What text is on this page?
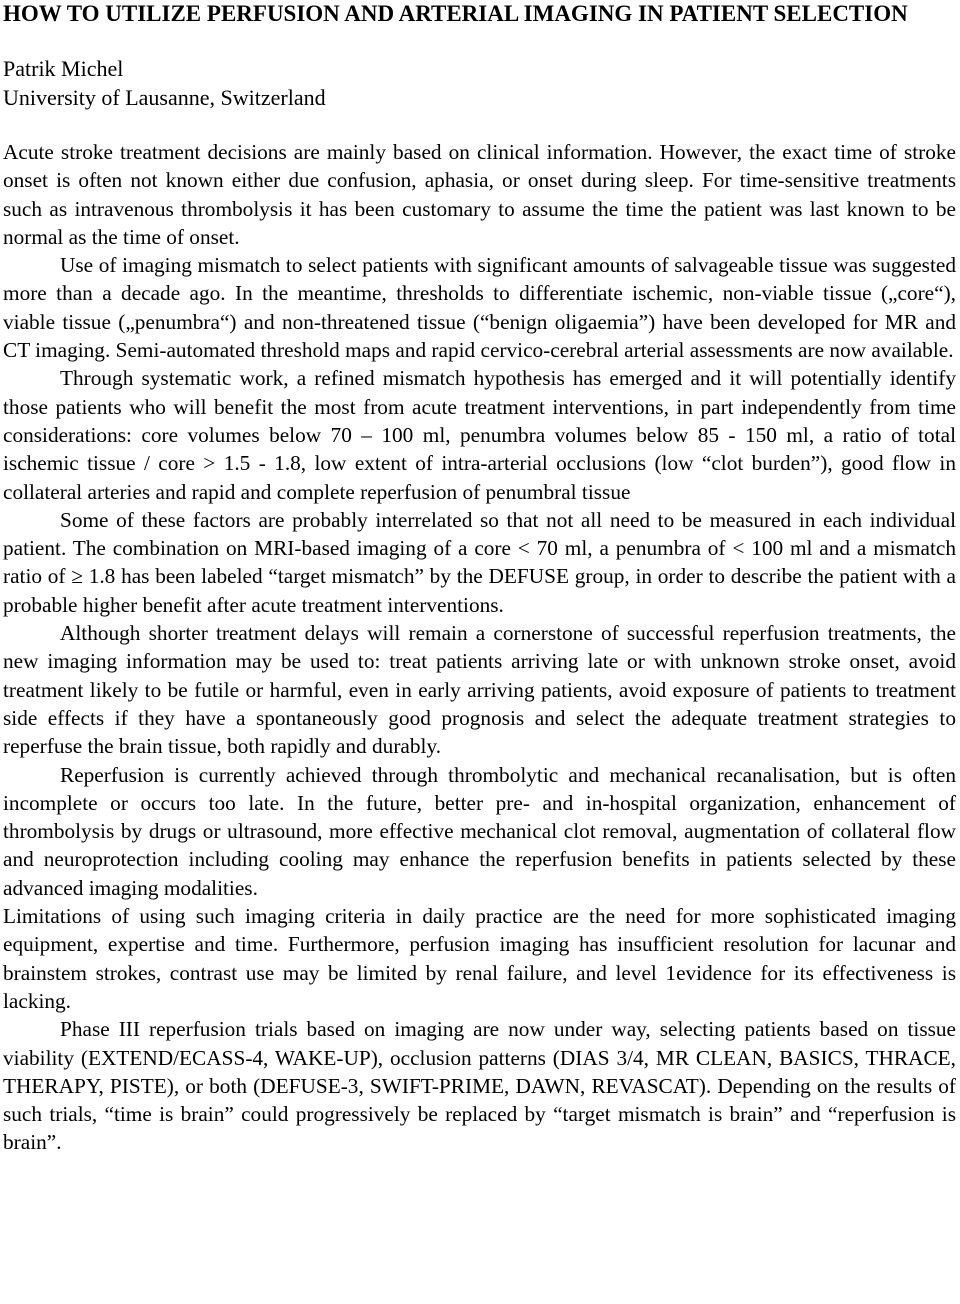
HOW TO UTILIZE PERFUSION AND ARTERIAL IMAGING IN PATIENT SELECTION
Patrik Michel
University of Lausanne, Switzerland

Acute stroke treatment decisions are mainly based on clinical information. However, the exact time of stroke onset is often not known either due confusion, aphasia, or onset during sleep. For time-sensitive treatments such as intravenous thrombolysis it has been customary to assume the time the patient was last known to be normal as the time of onset.

Use of imaging mismatch to select patients with significant amounts of salvageable tissue was suggested more than a decade ago. In the meantime, thresholds to differentiate ischemic, non-viable tissue („core“), viable tissue („penumbra“) and non-threatened tissue (“benign oligaemia”) have been developed for MR and CT imaging. Semi-automated threshold maps and rapid cervico-cerebral arterial assessments are now available.

Through systematic work, a refined mismatch hypothesis has emerged and it will potentially identify those patients who will benefit the most from acute treatment interventions, in part independently from time considerations: core volumes below 70 – 100 ml, penumbra volumes below 85 - 150 ml, a ratio of total ischemic tissue / core > 1.5 - 1.8, low extent of intra-arterial occlusions (low “clot burden”), good flow in collateral arteries and rapid and complete reperfusion of penumbral tissue

Some of these factors are probably interrelated so that not all need to be measured in each individual patient. The combination on MRI-based imaging of a core < 70 ml, a penumbra of < 100 ml and a mismatch ratio of ≥ 1.8 has been labeled “target mismatch” by the DEFUSE group, in order to describe the patient with a probable higher benefit after acute treatment interventions.

Although shorter treatment delays will remain a cornerstone of successful reperfusion treatments, the new imaging information may be used to: treat patients arriving late or with unknown stroke onset, avoid treatment likely to be futile or harmful, even in early arriving patients, avoid exposure of patients to treatment side effects if they have a spontaneously good prognosis and select the adequate treatment strategies to reperfuse the brain tissue, both rapidly and durably.

Reperfusion is currently achieved through thrombolytic and mechanical recanalisation, but is often incomplete or occurs too late. In the future, better pre- and in-hospital organization, enhancement of thrombolysis by drugs or ultrasound, more effective mechanical clot removal, augmentation of collateral flow and neuroprotection including cooling may enhance the reperfusion benefits in patients selected by these advanced imaging modalities.

Limitations of using such imaging criteria in daily practice are the need for more sophisticated imaging equipment, expertise and time. Furthermore, perfusion imaging has insufficient resolution for lacunar and brainstem strokes, contrast use may be limited by renal failure, and level 1evidence for its effectiveness is lacking.

Phase III reperfusion trials based on imaging are now under way, selecting patients based on tissue viability (EXTEND/ECASS-4, WAKE-UP), occlusion patterns (DIAS 3/4, MR CLEAN, BASICS, THRACE, THERAPY, PISTE), or both (DEFUSE-3, SWIFT-PRIME, DAWN, REVASCAT). Depending on the results of such trials, “time is brain” could progressively be replaced by “target mismatch is brain” and “reperfusion is brain”.
